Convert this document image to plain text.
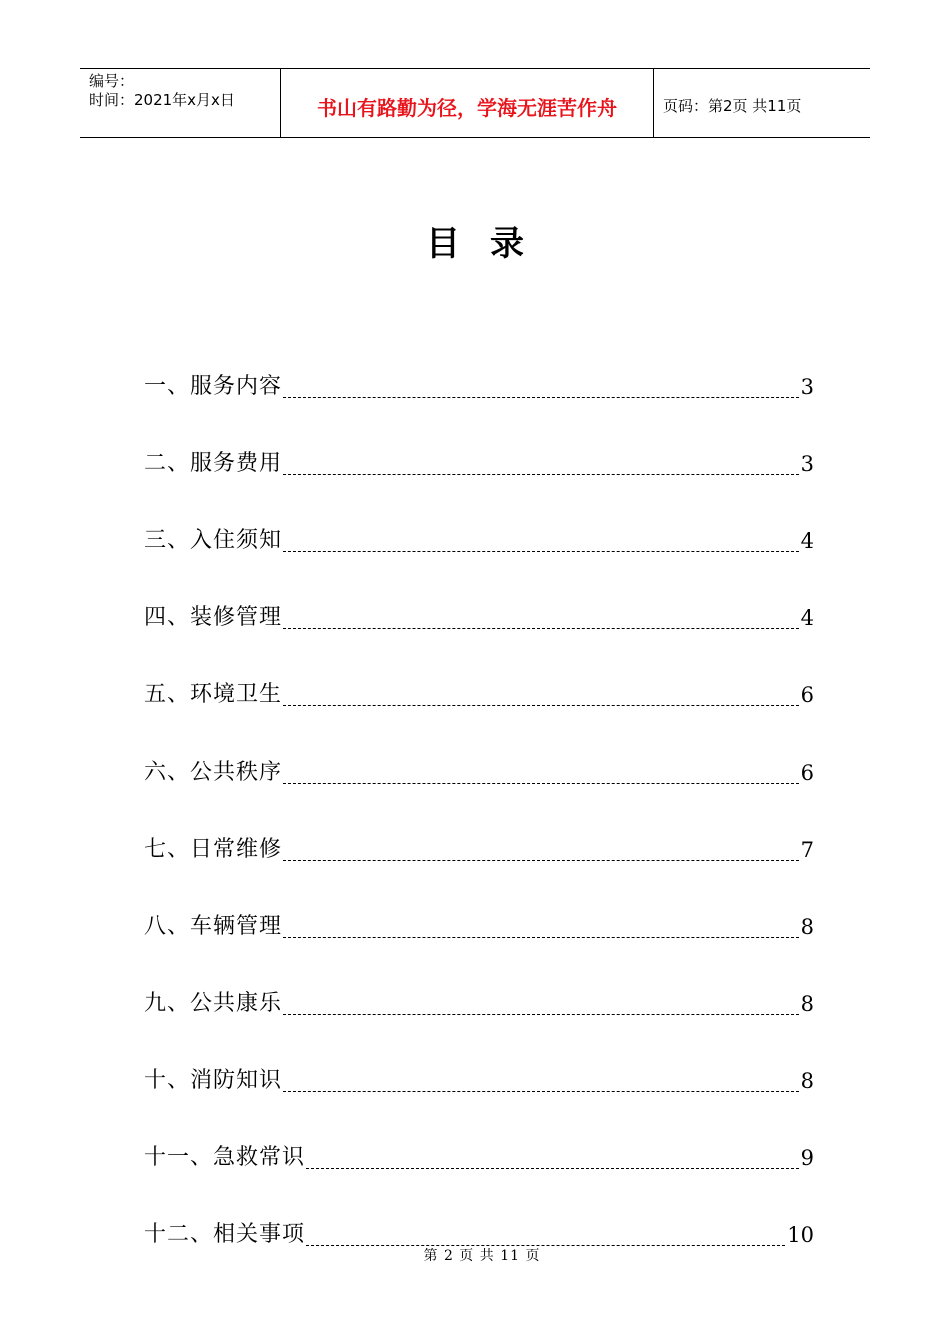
编号：
时间：2021年x月x日	书山有路勤为径，学海无涯苦作舟	页码：第2页 共11页
目录
一、服务内容	3
二、服务费用	3
三、入住须知	4
四、装修管理	4
五、环境卫生	6
六、公共秩序	6
七、日常维修	7
八、车辆管理	8
九、公共康乐	8
十、消防知识	8
十一、急救常识	9
十二、相关事项	10
第 2 页 共 11 页
